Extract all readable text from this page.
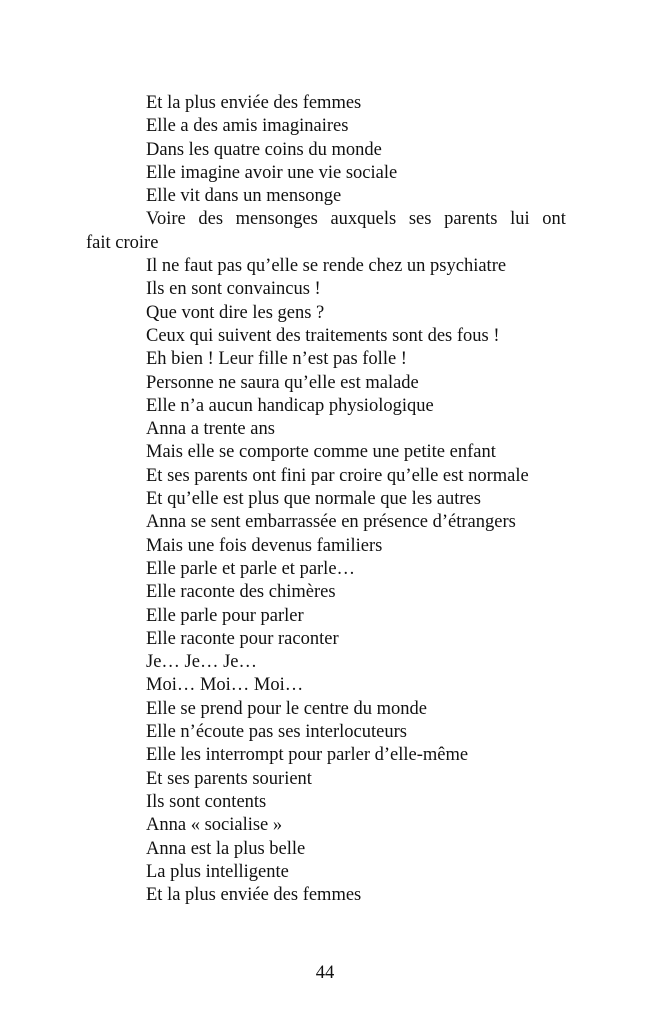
Et la plus enviée des femmes
Elle a des amis imaginaires
Dans les quatre coins du monde
Elle imagine avoir une vie sociale
Elle vit dans un mensonge
Voire des mensonges auxquels ses parents lui ont
fait croire
Il ne faut pas qu’elle se rende chez un psychiatre
Ils en sont convaincus !
Que vont dire les gens ?
Ceux qui suivent des traitements sont des fous !
Eh bien ! Leur fille n’est pas folle !
Personne ne saura qu’elle est malade
Elle n’a aucun handicap physiologique
Anna a trente ans
Mais elle se comporte comme une petite enfant
Et ses parents ont fini par croire qu’elle est normale
Et qu’elle est plus que normale que les autres
Anna se sent embarrassée en présence d’étrangers
Mais une fois devenus familiers
Elle parle et parle et parle…
Elle raconte des chimères
Elle parle pour parler
Elle raconte pour raconter
Je… Je… Je…
Moi… Moi… Moi…
Elle se prend pour le centre du monde
Elle n’écoute pas ses interlocuteurs
Elle les interrompt pour parler d’elle-même
Et ses parents sourient
Ils sont contents
Anna « socialise »
Anna est la plus belle
La plus intelligente
Et la plus enviée des femmes
44
